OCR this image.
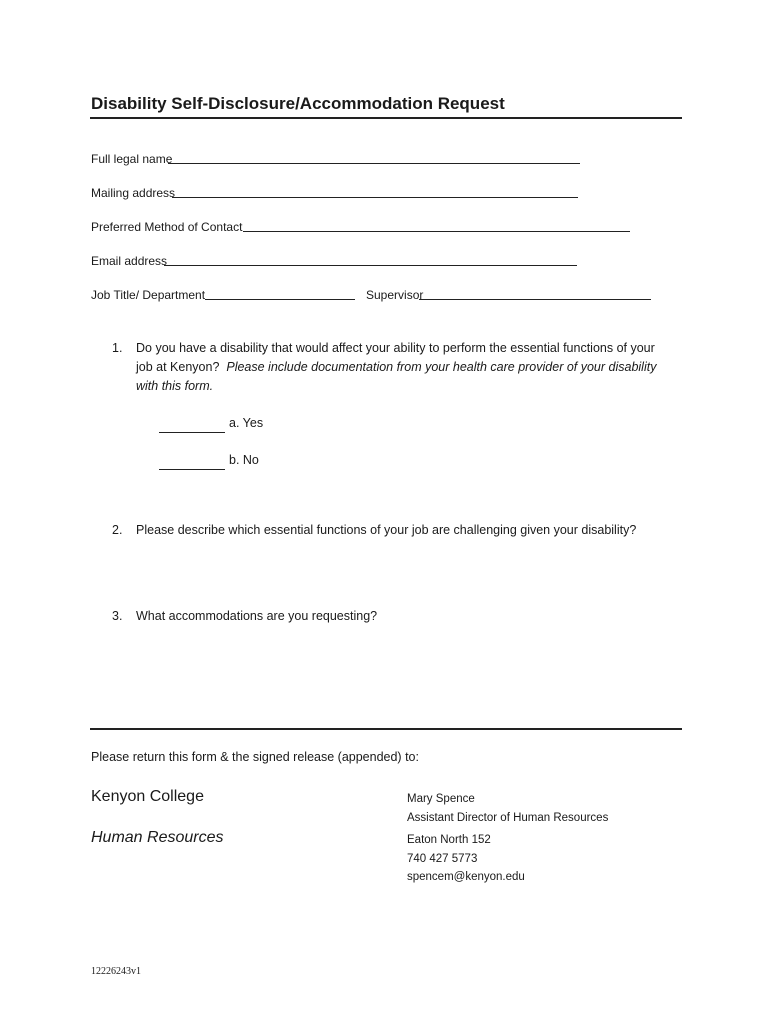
Disability Self-Disclosure/Accommodation Request
Full legal name
Mailing address
Preferred Method of Contact
Email address
Job Title/ Department	Supervisor
1. Do you have a disability that would affect your ability to perform the essential functions of your
job at Kenyon? Please include documentation from your health care provider of your disability
with this form.
a. Yes
b. No
2. Please describe which essential functions of your job are challenging given your disability?
3. What accommodations are you requesting?
Please return this form & the signed release (appended) to:
Kenyon College
Human Resources
Mary Spence
Assistant Director of Human Resources
Eaton North 152
740 427 5773
spencem@kenyon.edu
12226243v1
